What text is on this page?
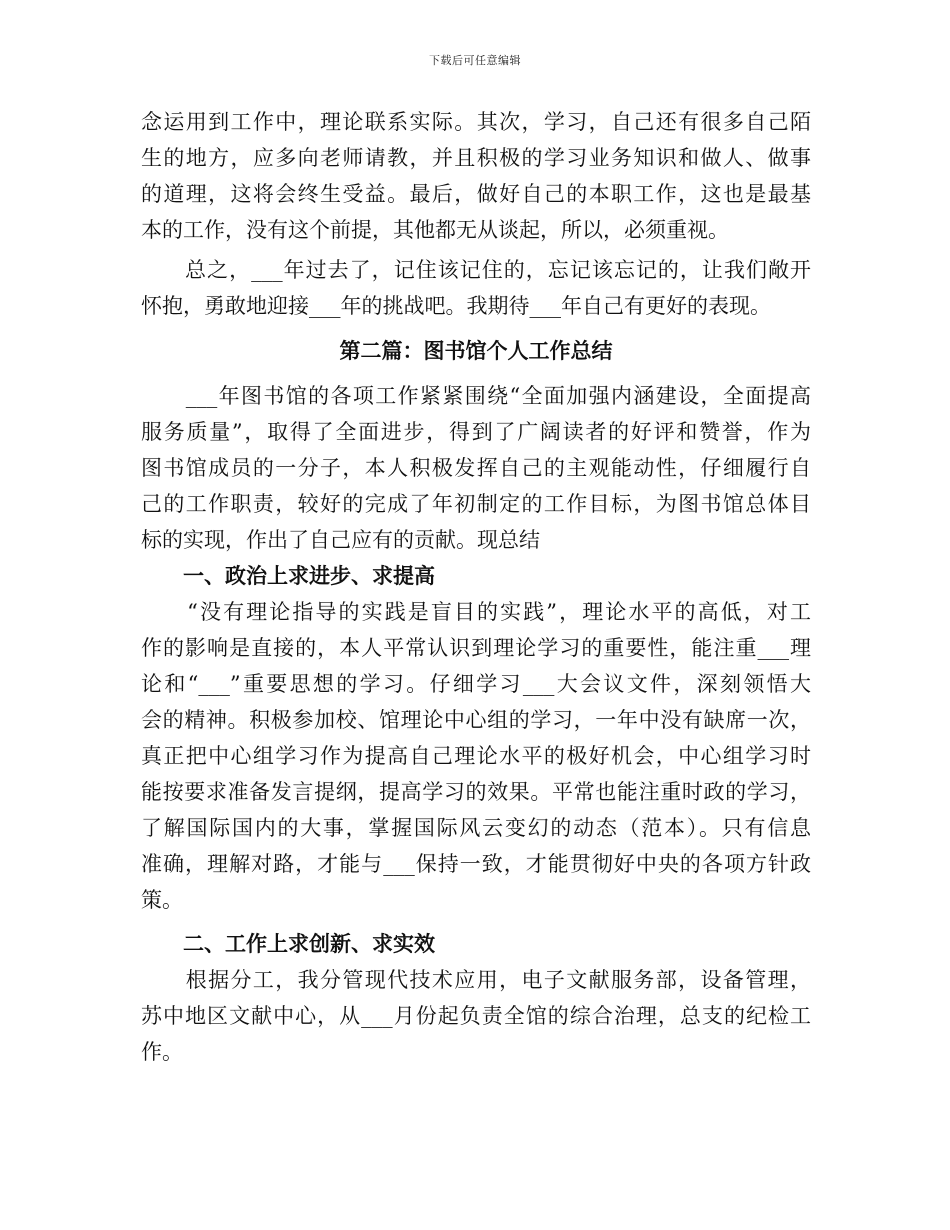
下载后可任意编辑
念运用到工作中，理论联系实际。其次，学习，自己还有很多自己陌
生的地方，应多向老师请教，并且积极的学习业务知识和做人、做事
的道理，这将会终生受益。最后，做好自己的本职工作，这也是最基
本的工作，没有这个前提，其他都无从谈起，所以，必须重视。
　　总之，___年过去了，记住该记住的，忘记该忘记的，让我们敞开
怀抱，勇敢地迎接___年的挑战吧。我期待___年自己有更好的表现。
第二篇：图书馆个人工作总结
　　___年图书馆的各项工作紧紧围绕“全面加强内涵建设，全面提高
服务质量”，取得了全面进步，得到了广阔读者的好评和赞誉，作为
图书馆成员的一分子，本人积极发挥自己的主观能动性，仔细履行自
己的工作职责，较好的完成了年初制定的工作目标，为图书馆总体目
标的实现，作出了自己应有的贡献。现总结
　　一、政治上求进步、求提高
　　“没有理论指导的实践是盲目的实践”，理论水平的高低，对工
作的影响是直接的，本人平常认识到理论学习的重要性，能注重___理
论和“___”重要思想的学习。仔细学习___大会议文件，深刻领悟大
会的精神。积极参加校、馆理论中心组的学习，一年中没有缺席一次，
真正把中心组学习作为提高自己理论水平的极好机会，中心组学习时
能按要求准备发言提纲，提高学习的效果。平常也能注重时政的学习，
了解国际国内的大事，掌握国际风云变幻的动态（范本）。只有信息
准确，理解对路，才能与___保持一致，才能贯彻好中央的各项方针政
策。
　　二、工作上求创新、求实效
　　根据分工，我分管现代技术应用，电子文献服务部，设备管理，
苏中地区文献中心，从___月份起负责全馆的综合治理，总支的纪检工
作。
